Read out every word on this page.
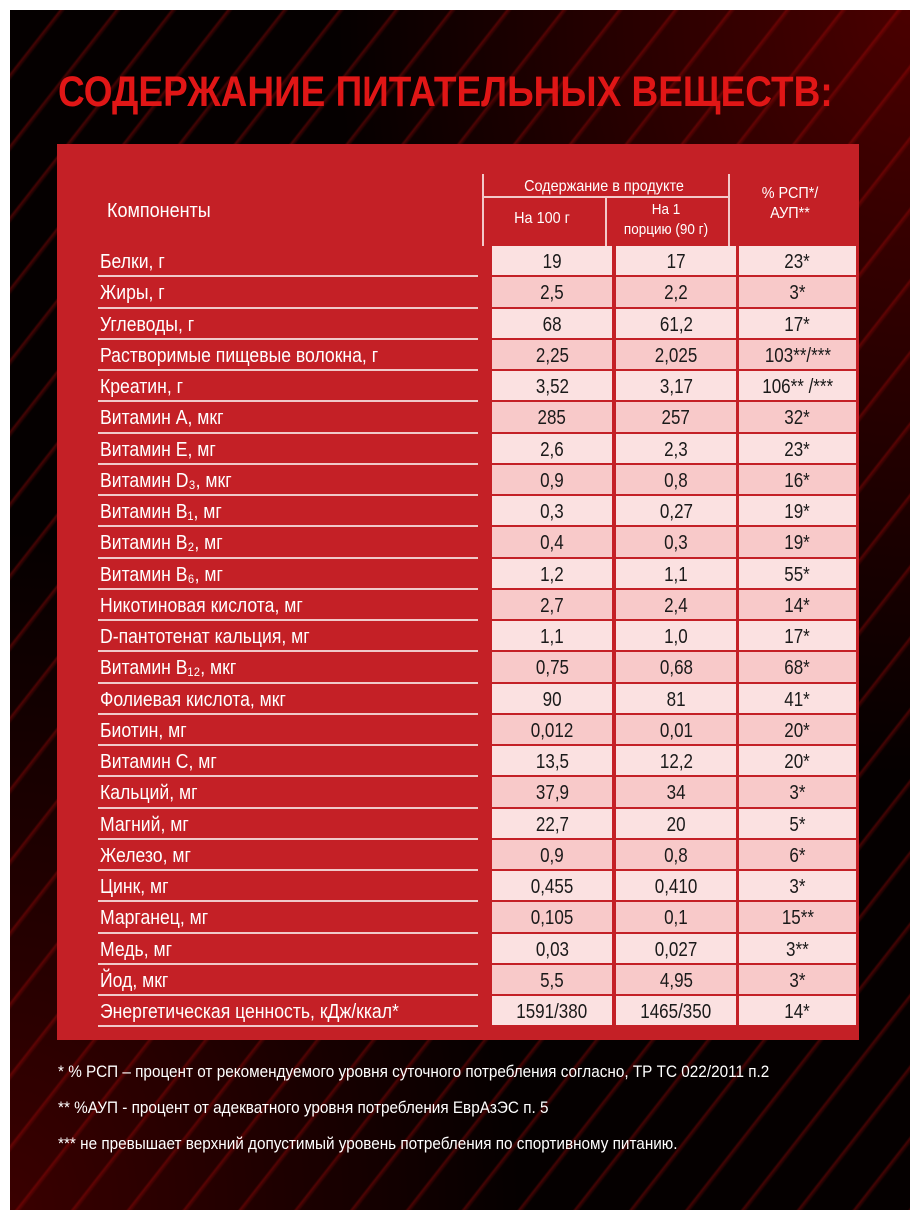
СОДЕРЖАНИЕ ПИТАТЕЛЬНЫХ ВЕЩЕСТВ:
Компоненты
Содержание в продукте
На 100 г
На 1
порцию (90 г)
% РСП*/
АУП**
Белки, г	19	17	23*
Жиры, г	2,5	2,2	3*
Углеводы, г	68	61,2	17*
Растворимые пищевые волокна, г	2,25	2,025	103**/***
Креатин, г	3,52	3,17	106** /***
Витамин A, мкг	285	257	32*
Витамин E, мг	2,6	2,3	23*
Витамин D₃, мкг	0,9	0,8	16*
Витамин B₁, мг	0,3	0,27	19*
Витамин B₂, мг	0,4	0,3	19*
Витамин B₆, мг	1,2	1,1	55*
Никотиновая кислота, мг	2,7	2,4	14*
D-пантотенат кальция, мг	1,1	1,0	17*
Витамин B₁₂, мкг	0,75	0,68	68*
Фолиевая кислота, мкг	90	81	41*
Биотин, мг	0,012	0,01	20*
Витамин C, мг	13,5	12,2	20*
Кальций, мг	37,9	34	3*
Магний, мг	22,7	20	5*
Железо, мг	0,9	0,8	6*
Цинк, мг	0,455	0,410	3*
Марганец, мг	0,105	0,1	15**
Медь, мг	0,03	0,027	3**
Йод, мкг	5,5	4,95	3*
Энергетическая ценность, кДж/ккал*	1591/380	1465/350	14*
* % РСП – процент от рекомендуемого уровня суточного потребления согласно, ТР ТС 022/2011 п.2
** %АУП - процент от адекватного уровня потребления ЕврАзЭС п. 5
*** не превышает верхний допустимый уровень потребления по спортивному питанию.
